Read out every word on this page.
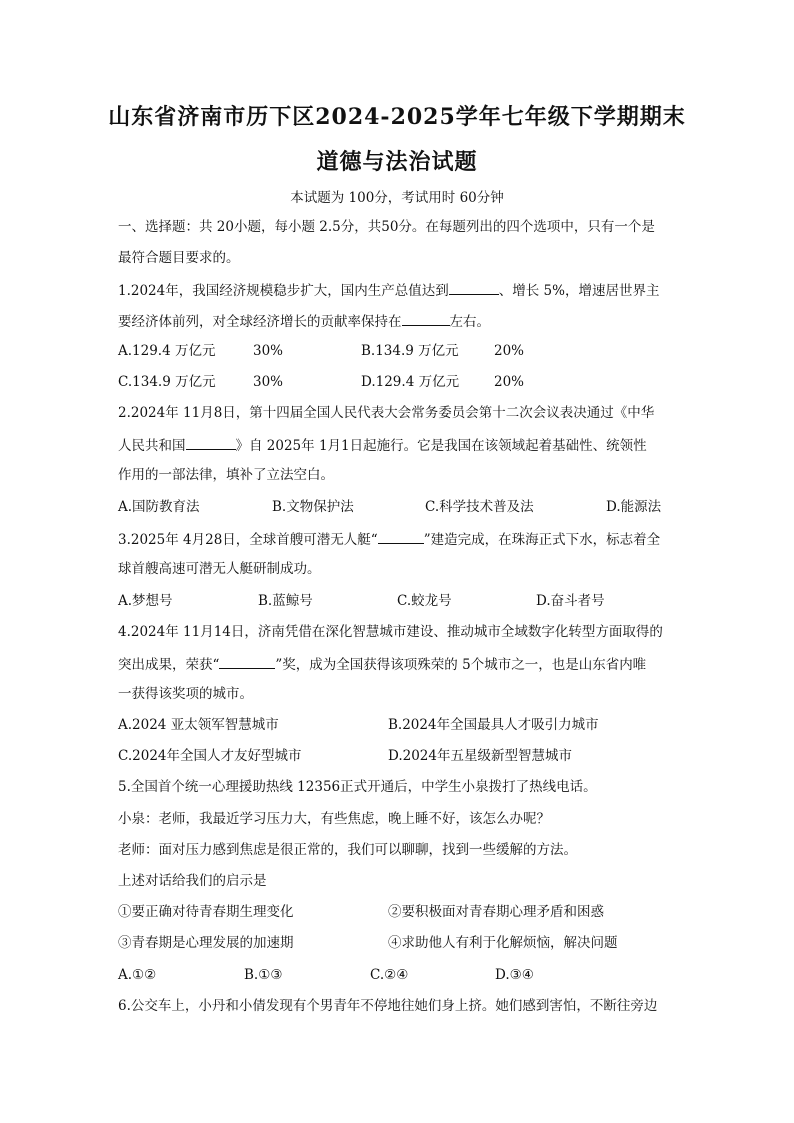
山东省济南市历下区2024-2025学年七年级下学期期末
道德与法治试题
本试题为 100分，考试用时 60分钟
一、选择题：共 20小题，每小题 2.5分，共50分。在每题列出的四个选项中，只有一个是
最符合题目要求的。
1.2024年，我国经济规模稳步扩大，国内生产总值达到	、增长 5%，增速居世界主
要经济体前列，对全球经济增长的贡献率保持在	左右。
A.129.4 万亿元	30%	B.134.9 万亿元	20%
C.134.9 万亿元	30%	D.129.4 万亿元	20%
2.2024年 11月8日，第十四届全国人民代表大会常务委员会第十二次会议表决通过《中华
人民共和国	》自 2025年 1月1日起施行。它是我国在该领域起着基础性、统领性
作用的一部法律，填补了立法空白。
A.国防教育法	B.文物保护法	C.科学技术普及法	D.能源法
3.2025年 4月28日，全球首艘可潜无人艇“	”建造完成，在珠海正式下水，标志着全
球首艘高速可潜无人艇研制成功。
A.梦想号	B.蓝鲸号	C.蛟龙号	D.奋斗者号
4.2024年 11月14日，济南凭借在深化智慧城市建设、推动城市全域数字化转型方面取得的
突出成果，荣获“	”奖，成为全国获得该项殊荣的 5个城市之一，也是山东省内唯
一获得该奖项的城市。
A.2024 亚太领军智慧城市	B.2024年全国最具人才吸引力城市
C.2024年全国人才友好型城市	D.2024年五星级新型智慧城市
5.全国首个统一心理援助热线 12356正式开通后，中学生小泉拨打了热线电话。
小泉：老师，我最近学习压力大，有些焦虑，晚上睡不好，该怎么办呢？
老师：面对压力感到焦虑是很正常的，我们可以聊聊，找到一些缓解的方法。
上述对话给我们的启示是
①要正确对待青春期生理变化	②要积极面对青春期心理矛盾和困惑
③青春期是心理发展的加速期	④求助他人有利于化解烦恼，解决问题
A.①②	B.①③	C.②④	D.③④
6.公交车上，小丹和小倩发现有个男青年不停地往她们身上挤。她们感到害怕，不断往旁边
